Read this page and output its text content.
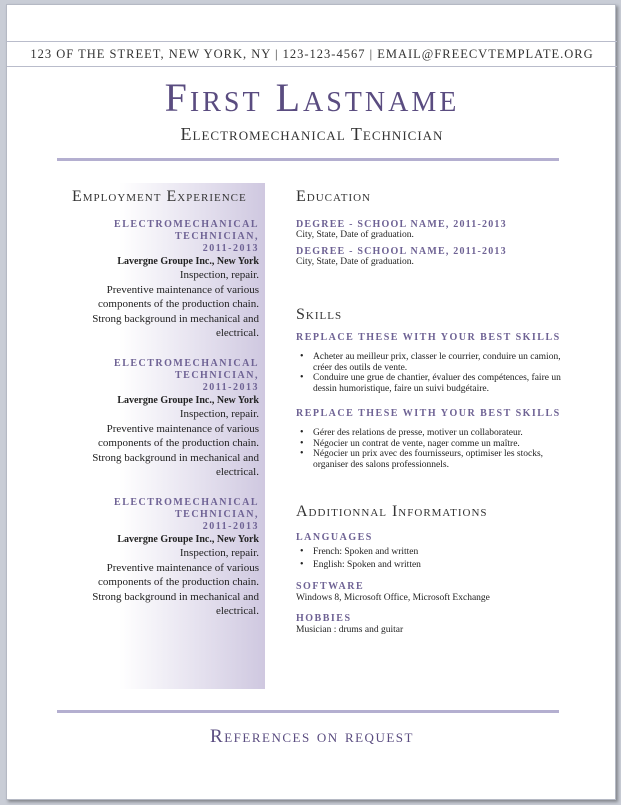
123 OF THE STREET, NEW YORK, NY | 123-123-4567 | EMAIL@FREECVTEMPLATE.ORG
First Lastname
Electromechanical Technician
Employment Experience
ELECTROMECHANICAL
TECHNICIAN,
2011-2013
Lavergne Groupe Inc., New York
Inspection, repair.
Preventive maintenance of various
components of the production chain.
Strong background in mechanical and
electrical.
ELECTROMECHANICAL
TECHNICIAN,
2011-2013
Lavergne Groupe Inc., New York
Inspection, repair.
Preventive maintenance of various
components of the production chain.
Strong background in mechanical and
electrical.
ELECTROMECHANICAL
TECHNICIAN,
2011-2013
Lavergne Groupe Inc., New York
Inspection, repair.
Preventive maintenance of various
components of the production chain.
Strong background in mechanical and
electrical.
Education
DEGREE - SCHOOL NAME, 2011-2013
City, State, Date of graduation.
DEGREE - SCHOOL NAME, 2011-2013
City, State, Date of graduation.
Skills
REPLACE THESE WITH YOUR BEST SKILLS
• Acheter au meilleur prix, classer le courrier, conduire un camion, créer des outils de vente.
• Conduire une grue de chantier, évaluer des compétences, faire un dessin humoristique, faire un suivi budgétaire.
REPLACE THESE WITH YOUR BEST SKILLS
• Gérer des relations de presse, motiver un collaborateur.
• Négocier un contrat de vente, nager comme un maître.
• Négocier un prix avec des fournisseurs, optimiser les stocks, organiser des salons professionnels.
Additionnal Informations
LANGUAGES
• French: Spoken and written
• English: Spoken and written
SOFTWARE
Windows 8, Microsoft Office, Microsoft Exchange
HOBBIES
Musician : drums and guitar
References on request
